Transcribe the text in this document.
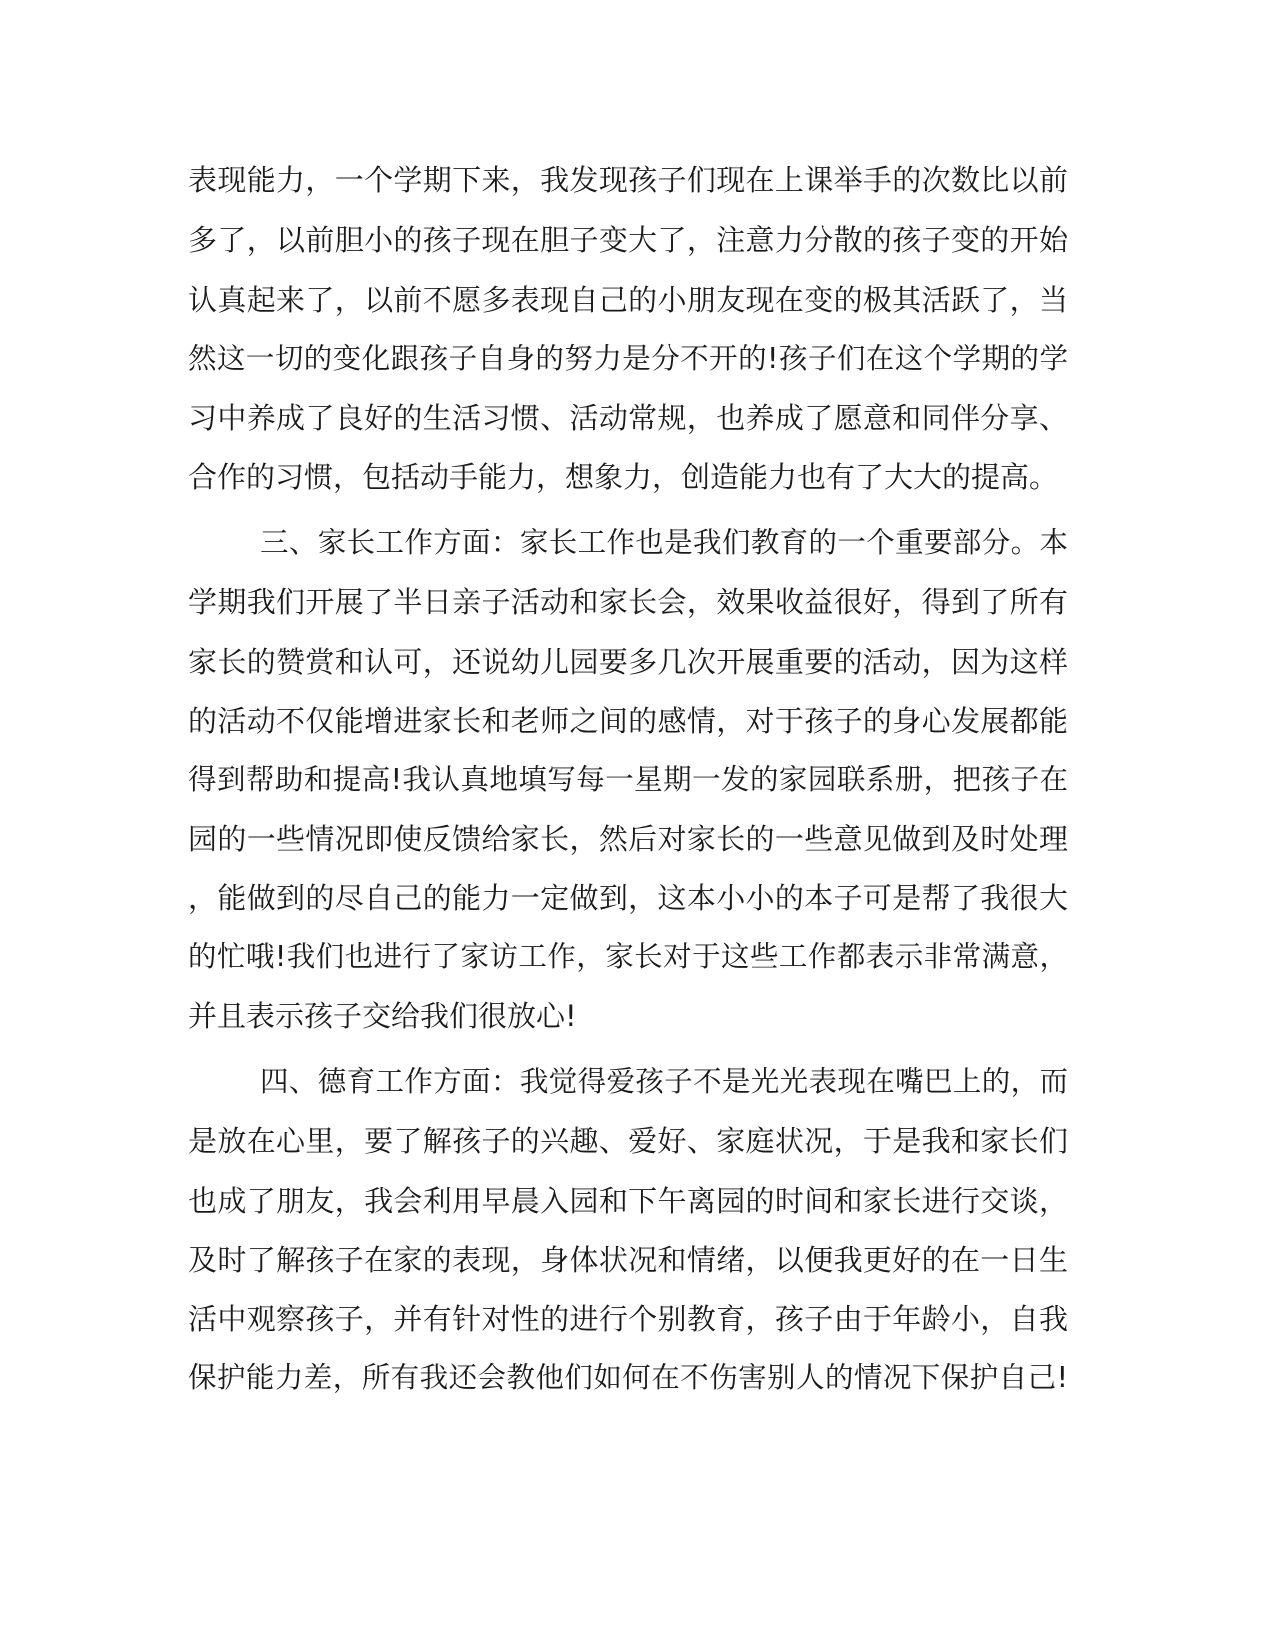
表现能力，一个学期下来，我发现孩子们现在上课举手的次数比以前
多了，以前胆小的孩子现在胆子变大了，注意力分散的孩子变的开始
认真起来了，以前不愿多表现自己的小朋友现在变的极其活跃了，当
然这一切的变化跟孩子自身的努力是分不开的!孩子们在这个学期的学
习中养成了良好的生活习惯、活动常规，也养成了愿意和同伴分享、
合作的习惯，包括动手能力，想象力，创造能力也有了大大的提高。
三、家长工作方面：家长工作也是我们教育的一个重要部分。本
学期我们开展了半日亲子活动和家长会，效果收益很好，得到了所有
家长的赞赏和认可，还说幼儿园要多几次开展重要的活动，因为这样
的活动不仅能增进家长和老师之间的感情，对于孩子的身心发展都能
得到帮助和提高!我认真地填写每一星期一发的家园联系册，把孩子在
园的一些情况即使反馈给家长，然后对家长的一些意见做到及时处理
，能做到的尽自己的能力一定做到，这本小小的本子可是帮了我很大
的忙哦!我们也进行了家访工作，家长对于这些工作都表示非常满意，
并且表示孩子交给我们很放心!
四、德育工作方面：我觉得爱孩子不是光光表现在嘴巴上的，而
是放在心里，要了解孩子的兴趣、爱好、家庭状况，于是我和家长们
也成了朋友，我会利用早晨入园和下午离园的时间和家长进行交谈，
及时了解孩子在家的表现，身体状况和情绪，以便我更好的在一日生
活中观察孩子，并有针对性的进行个别教育，孩子由于年龄小，自我
保护能力差，所有我还会教他们如何在不伤害别人的情况下保护自己!
